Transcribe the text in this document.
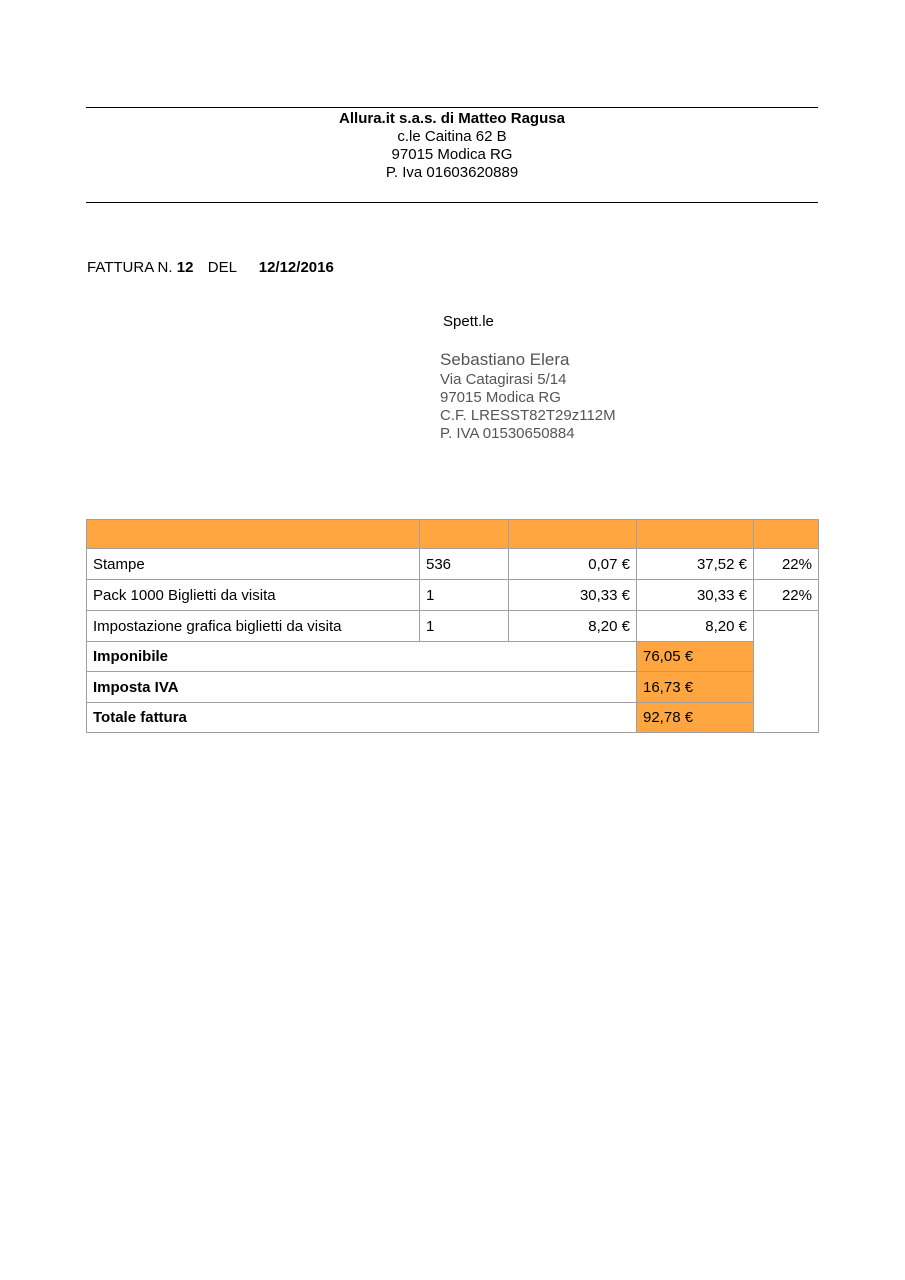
Allura.it s.a.s. di Matteo Ragusa
c.le Caitina 62 B
97015 Modica RG
P. Iva 01603620889
FATTURA N. 12 DEL 12/12/2016
Spett.le
Sebastiano Elera
Via Catagirasi 5/14
97015 Modica RG
C.F. LRESST82T29z112M
P. IVA 01530650884

Stampe	536	0,07 €	37,52 €	22%
Pack 1000 Biglietti da visita	1	30,33 €	30,33 €	22%
Impostazione grafica biglietti da visita	1	8,20 €	8,20 €	
Imponibile			76,05 €	
Imposta IVA			16,73 €	
Totale fattura			92,78 €	
